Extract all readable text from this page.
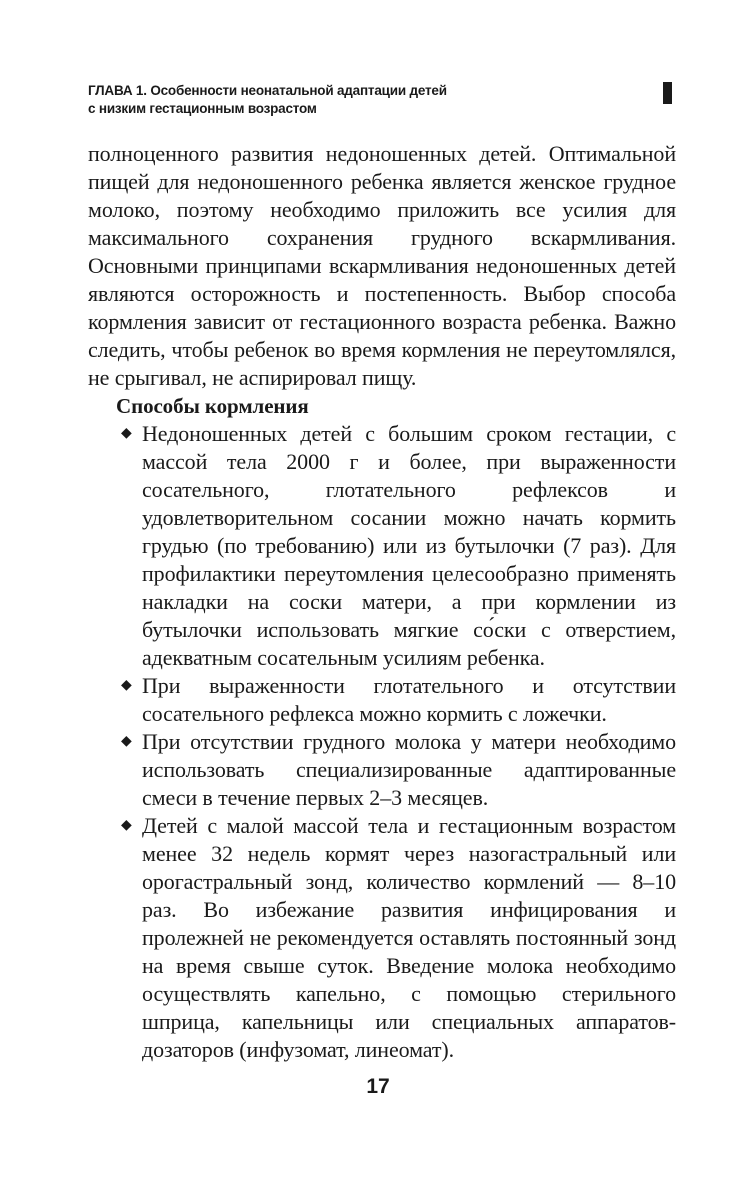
ГЛАВА 1. Особенности неонатальной адаптации детей
с низким гестационным возрастом

полноценного развития недоношенных детей. Оптимальной пищей для недоношенного ребенка является женское грудное молоко, поэтому необходимо приложить все усилия для максимального сохранения грудного вскармливания. Основными принципами вскармливания недоношенных детей являются осторожность и постепенность. Выбор способа кормления зависит от гестационного возраста ребенка. Важно следить, чтобы ребенок во время кормления не переутомлялся, не срыгивал, не аспирировал пищу.

Способы кормления

◆ Недоношенных детей с большим сроком гестации, с массой тела 2000 г и более, при выраженности сосательного, глотательного рефлексов и удовлетворительном сосании можно начать кормить грудью (по требованию) или из бутылочки (7 раз). Для профилактики переутомления целесообразно применять накладки на соски матери, а при кормлении из бутылочки использовать мягкие со́ски с отверстием, адекватным сосательным усилиям ребенка.
◆ При выраженности глотательного и отсутствии сосательного рефлекса можно кормить с ложечки.
◆ При отсутствии грудного молока у матери необходимо использовать специализированные адаптированные смеси в течение первых 2–3 месяцев.
◆ Детей с малой массой тела и гестационным возрастом менее 32 недель кормят через назогастральный или орогастральный зонд, количество кормлений — 8–10 раз. Во избежание развития инфицирования и пролежней не рекомендуется оставлять постоянный зонд на время свыше суток. Введение молока необходимо осуществлять капельно, с помощью стерильного шприца, капельницы или специальных аппаратов-дозаторов (инфузомат, линеомат).
17
